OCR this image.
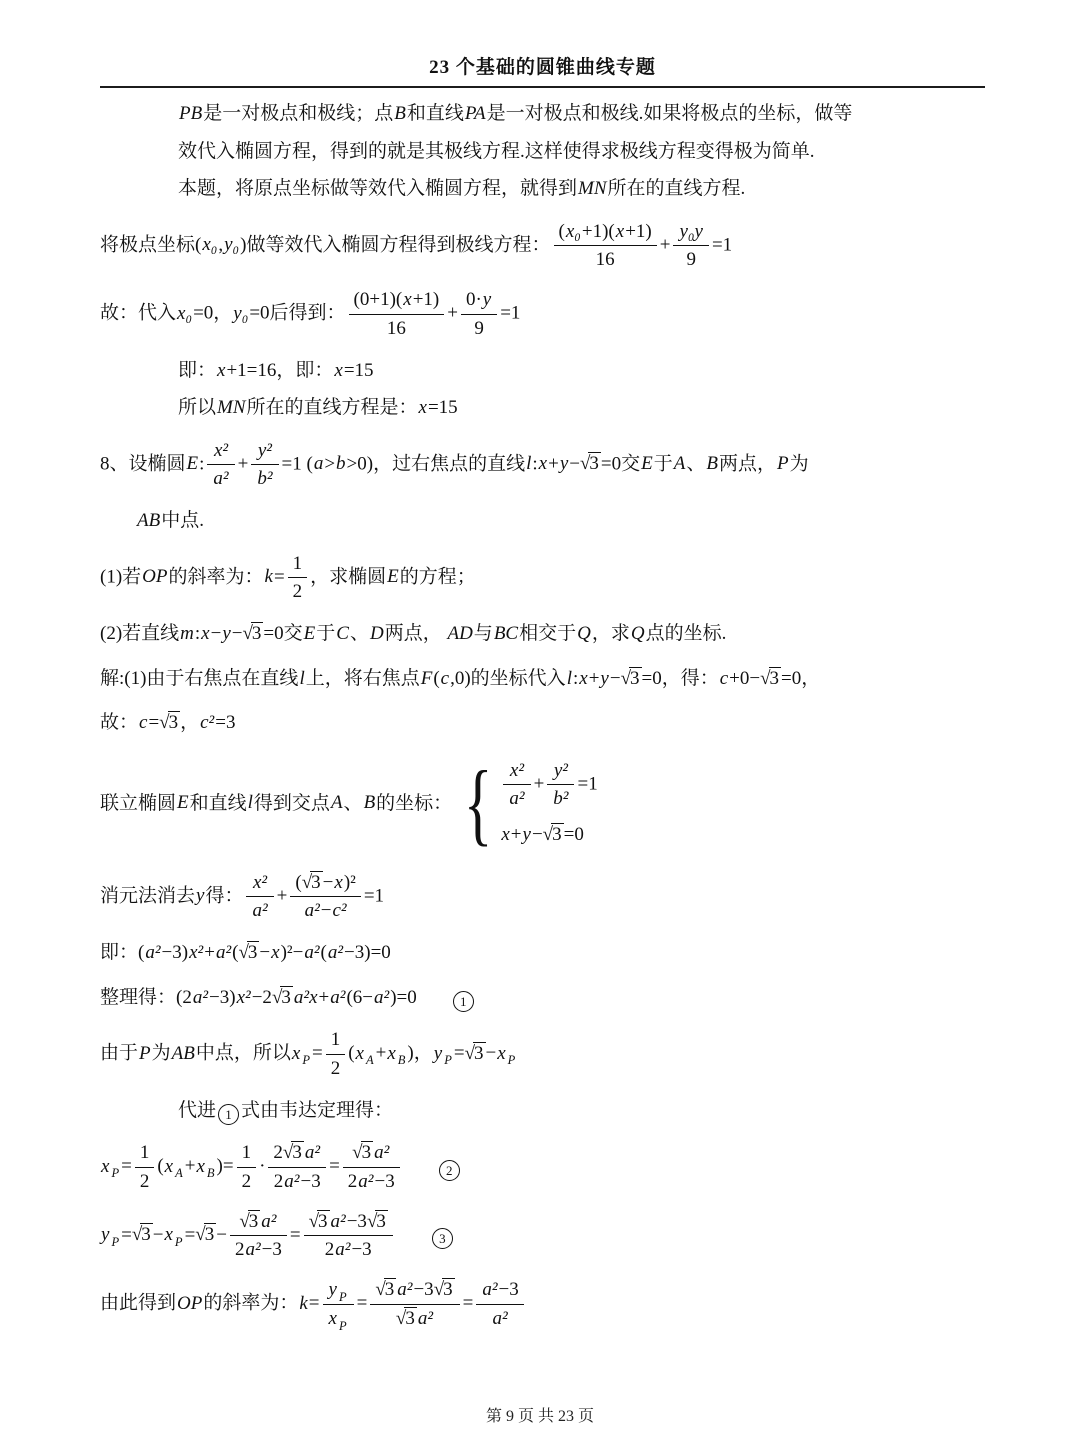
23 个基础的圆锥曲线专题
PB是一对极点和极线；点B和直线PA是一对极点和极线.如果将极点的坐标，做等
效代入椭圆方程，得到的就是其极线方程.这样使得求极线方程变得极为简单.
本题，将原点坐标做等效代入椭圆方程，就得到MN所在的直线方程.
将极点坐标(x₀,y₀)做等效代入椭圆方程得到极线方程： $\frac{\text{(x₀+1)(x+1)}}{16} + \frac{\text{y₀y}}{9} =1$
故：代入x₀=0，y₀=0后得到： $\frac{(0+1)(x+1)}{16} + \frac{0\cdot y}{9} =1$
即：x+1=16，即：x=15
所以MN所在的直线方程是：x=15
8、设椭圆E: $\frac{\text{x²}}{\text{a²}} + \frac{\text{y²}}{\text{b²}} =1$ (a>b>0)，过右焦点的直线l:x+y−√3 =0交E于A、B两点，P为
AB中点.
(1)若OP的斜率为：$k= \frac{1}{2}$ ，求椭圆E的方程；
(2)若直线m:x−y−√3 =0交E于C、D两点， AD与BC相交于Q，求Q点的坐标.
解:(1)由于右焦点在直线l上，将右焦点F(c,0)的坐标代入l:x+y−√3 =0，得：c+0−√3 =0，
故：c=√3 ，c²=3
联立椭圆E和直线l得到交点A、B的坐标： { $\frac{\text{x²}}{\text{a²}} + \frac{\text{y²}}{\text{b²}} =1$
x+y−√3 =0
消元法消去y得： $\frac{\text{x²}}{\text{a²}} + \frac{\text{(√3 −x)²}}{\text{a²−c²}} =1$
即：(a²−3)x²+a²(√3 −x)²−a²(a²−3)=0
整理得：(2a²−3)x²−2√3 a²x+a²(6−a²)=0	1
由于P为AB中点，所以x $_P = \frac{1}{2} (x$ $_A$ +x $_B$ )，y $_P$ =√3 −x $_P$
代进 1 式由韦达定理得：
x $_P = \frac{1}{2} (x$ $_A$ +x $_B$ )= $\frac{1}{2} \cdot \frac{\text{2√3 a²}}{\text{2a²−3}} = \frac{\text{√3 a²}}{\text{2a²−3}}$	2
y $_P$ =√3 −x $_P =√3 - \frac{\text{√3 a²}}{\text{2a²−3}} = \frac{\text{√3 a²−3√3}}{\text{2a²−3}}$	3
由此得到OP的斜率为：$k= \frac{y _P}{x _P} = \frac{\text{√3 a²−3√3}}{\text{√3 a²}} = \frac{\text{a²−3}}{\text{a²}}$
第 9 页 共 23 页
